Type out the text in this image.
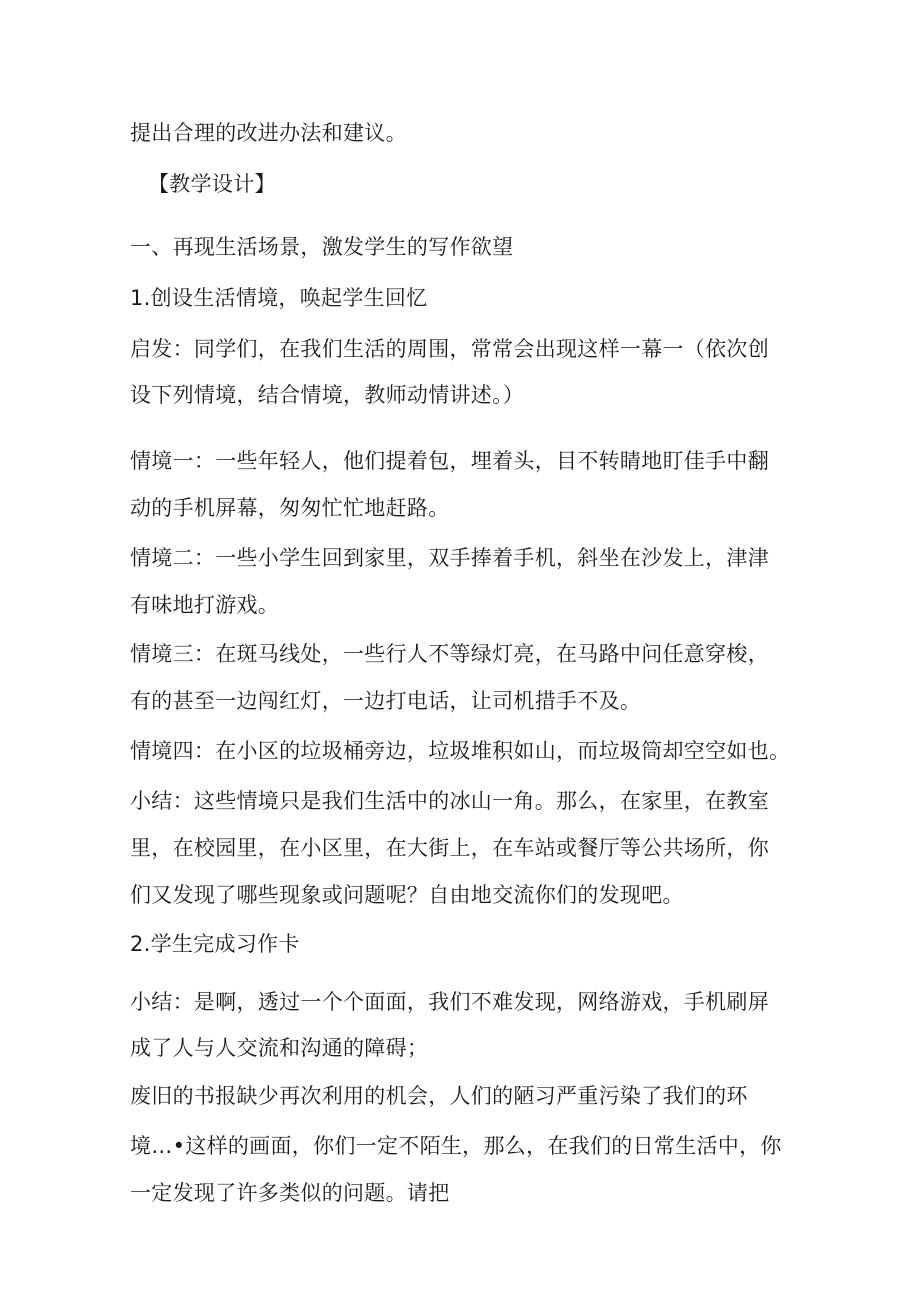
提出合理的改进办法和建议。
【教学设计】
一、再现生活场景，激发学生的写作欲望
1.创设生活情境，唤起学生回忆
启发：同学们，在我们生活的周围，常常会出现这样一幕一（依次创
设下列情境，结合情境，教师动情讲述。）
情境一：一些年轻人，他们提着包，埋着头，目不转睛地盯佳手中翻
动的手机屏幕，匆匆忙忙地赶路。
情境二：一些小学生回到家里，双手捧着手机，斜坐在沙发上，津津
有味地打游戏。
情境三：在斑马线处，一些行人不等绿灯亮，在马路中问任意穿梭，
有的甚至一边闯红灯，一边打电话，让司机措手不及。
情境四：在小区的垃圾桶旁边，垃圾堆积如山，而垃圾筒却空空如也。
小结：这些情境只是我们生活中的冰山一角。那么，在家里，在教室
里，在校园里，在小区里，在大街上，在车站或餐厅等公共场所，你
们又发现了哪些现象或问题呢？自由地交流你们的发现吧。
2.学生完成习作卡
小结：是啊，透过一个个面面，我们不难发现，网络游戏，手机刷屏
成了人与人交流和沟通的障碍；
废旧的书报缺少再次利用的机会，人们的陋习严重污染了我们的环
境…•这样的画面，你们一定不陌生，那么，在我们的日常生活中，你
一定发现了许多类似的问题。请把
